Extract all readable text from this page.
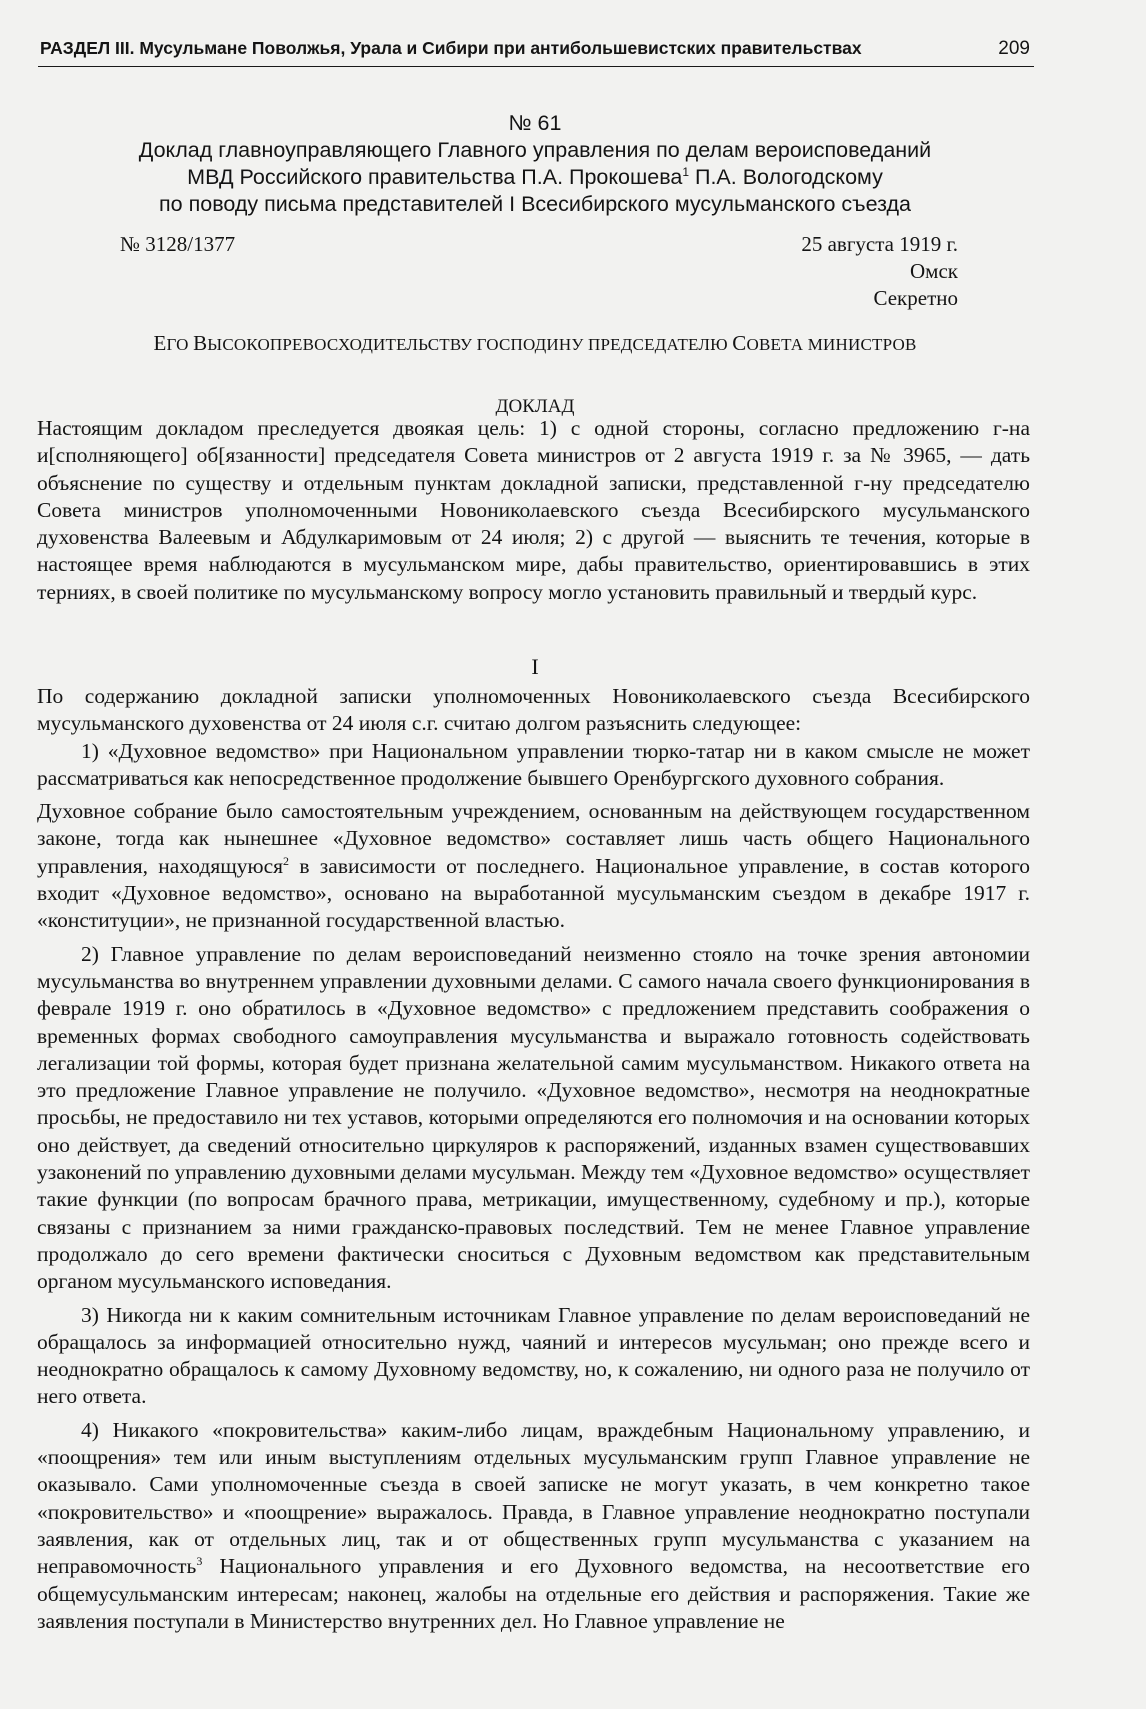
РАЗДЕЛ III. Мусульмане Поволжья, Урала и Сибири при антибольшевистских правительствах	209
№ 61
Доклад главноуправляющего Главного управления по делам вероисповеданий
МВД Российского правительства П.А. Прокошева$^1$ П.А. Вологодскому
по поводу письма представителей I Всесибирского мусульманского съезда
№ 3128/1377	25 августа 1919 г.
Омск
Секретно
ЕГО ВЫСОКОПРЕВОСХОДИТЕЛЬСТВУ ГОСПОДИНУ ПРЕДСЕДАТЕЛЮ СОВЕТА МИНИСТРОВ
ДОКЛАД

Настоящим докладом преследуется двоякая цель: 1) с одной стороны, согласно предложению г-на и[сполняющего] об[язанности] председателя Совета министров от 2 августа 1919 г. за № 3965, — дать объяснение по существу и отдельным пунктам докладной записки, представленной г-ну председателю Совета министров уполномоченными Новониколаевского съезда Всесибирского мусульманского духовенства Валеевым и Абдулкаримовым от 24 июля; 2) с другой — выяснить те течения, которые в настоящее время наблюдаются в мусульманском мире, дабы правительство, ориентировавшись в этих терниях, в своей политике по мусульманскому вопросу могло установить правильный и твердый курс.

I

По содержанию докладной записки уполномоченных Новониколаевского съезда Всесибирского мусульманского духовенства от 24 июля с.г. считаю долгом разъяснить следующее:

1) «Духовное ведомство» при Национальном управлении тюрко-татар ни в каком смысле не может рассматриваться как непосредственное продолжение бывшего Оренбургского духовного собрания.

Духовное собрание было самостоятельным учреждением, основанным на действующем государственном законе, тогда как нынешнее «Духовное ведомство» составляет лишь часть общего Национального управления, находящуюся$^2$ в зависимости от последнего. Национальное управление, в состав которого входит «Духовное ведомство», основано на выработанной мусульманским съездом в декабре 1917 г. «конституции», не признанной государственной властью.

2) Главное управление по делам вероисповеданий неизменно стояло на точке зрения автономии мусульманства во внутреннем управлении духовными делами. С самого начала своего функционирования в феврале 1919 г. оно обратилось в «Духовное ведомство» с предложением представить соображения о временных формах свободного самоуправления мусульманства и выражало готовность содействовать легализации той формы, которая будет признана желательной самим мусульманством. Никакого ответа на это предложение Главное управление не получило. «Духовное ведомство», несмотря на неоднократные просьбы, не предоставило ни тех уставов, которыми определяются его полномочия и на основании которых оно действует, да сведений относительно циркуляров к распоряжений, изданных взамен существовавших узаконений по управлению духовными делами мусульман. Между тем «Духовное ведомство» осуществляет такие функции (по вопросам брачного права, метрикации, имущественному, судебному и пр.), которые связаны с признанием за ними гражданско-правовых последствий. Тем не менее Главное управление продолжало до сего времени фактически сноситься с Духовным ведомством как представительным органом мусульманского исповедания.

3) Никогда ни к каким сомнительным источникам Главное управление по делам вероисповеданий не обращалось за информацией относительно нужд, чаяний и интересов мусульман; оно прежде всего и неоднократно обращалось к самому Духовному ведомству, но, к сожалению, ни одного раза не получило от него ответа.

4) Никакого «покровительства» каким-либо лицам, враждебным Национальному управлению, и «поощрения» тем или иным выступлениям отдельных мусульманским групп Главное управление не оказывало. Сами уполномоченные съезда в своей записке не могут указать, в чем конкретно такое «покровительство» и «поощрение» выражалось. Правда, в Главное управление неоднократно поступали заявления, как от отдельных лиц, так и от общественных групп мусульманства с указанием на неправомочность$^3$ Национального управления и его Духовного ведомства, на несоответствие его общемусульманским интересам; наконец, жалобы на отдельные его действия и распоряжения. Такие же заявления поступали в Министерство внутренних дел. Но Главное управление не
